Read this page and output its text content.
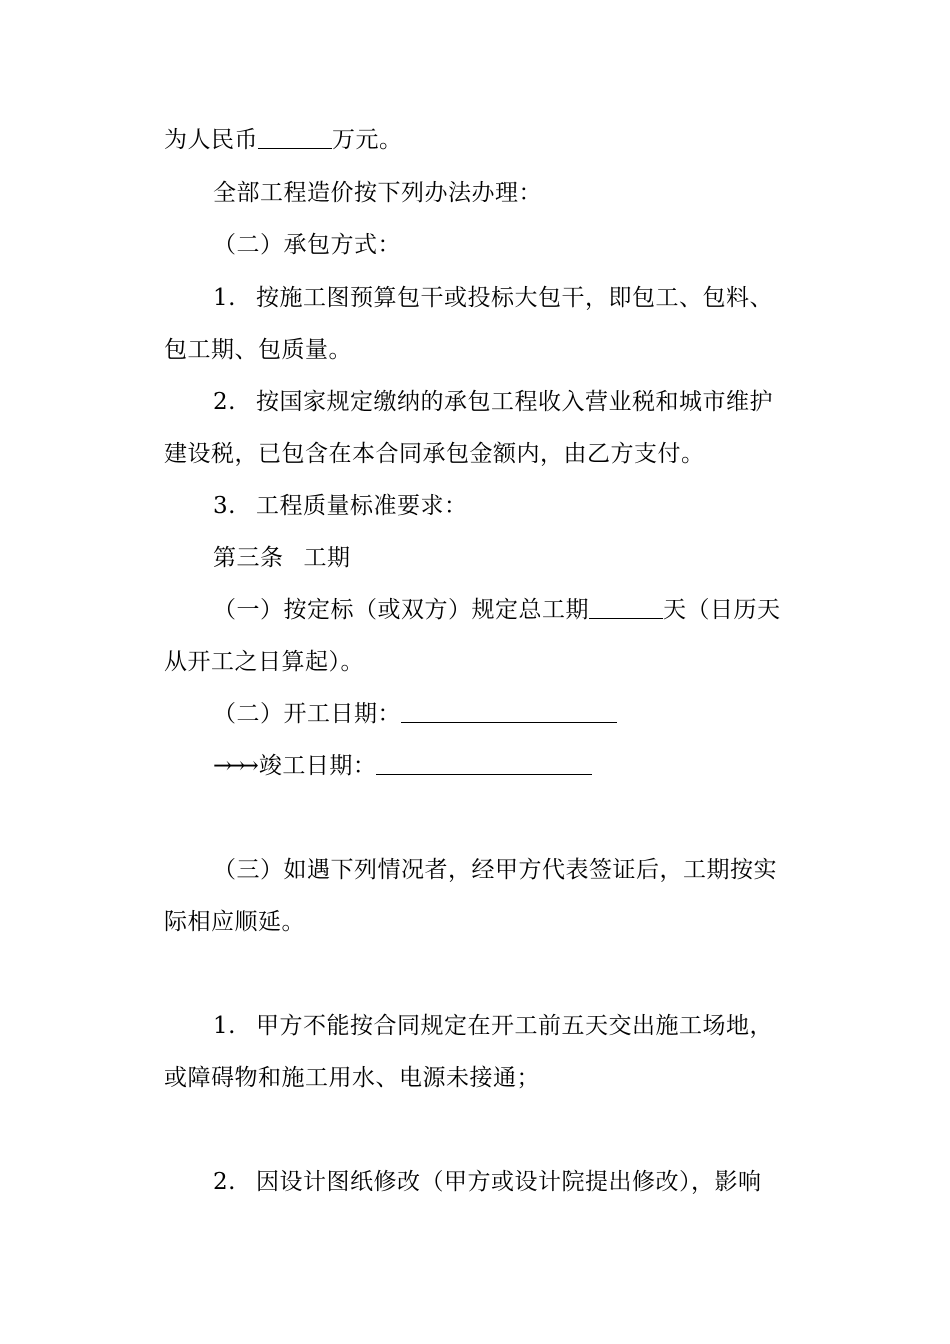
为人民币	万元。
全部工程造价按下列办法办理：
（二）承包方式：
1. 按施工图预算包干或投标大包干，即包工、包料、
包工期、包质量。
2. 按国家规定缴纳的承包工程收入营业税和城市维护
建设税，已包含在本合同承包金额内，由乙方支付。
3. 工程质量标准要求：
第三条 工期
（一）按定标（或双方）规定总工期	天（日历天
从开工之日算起）。
（二）开工日期：
→→→ 竣工日期：
（三）如遇下列情况者，经甲方代表签证后，工期按实
际相应顺延。
1. 甲方不能按合同规定在开工前五天交出施工场地，
或障碍物和施工用水、电源未接通；
2. 因设计图纸修改（甲方或设计院提出修改），影响
